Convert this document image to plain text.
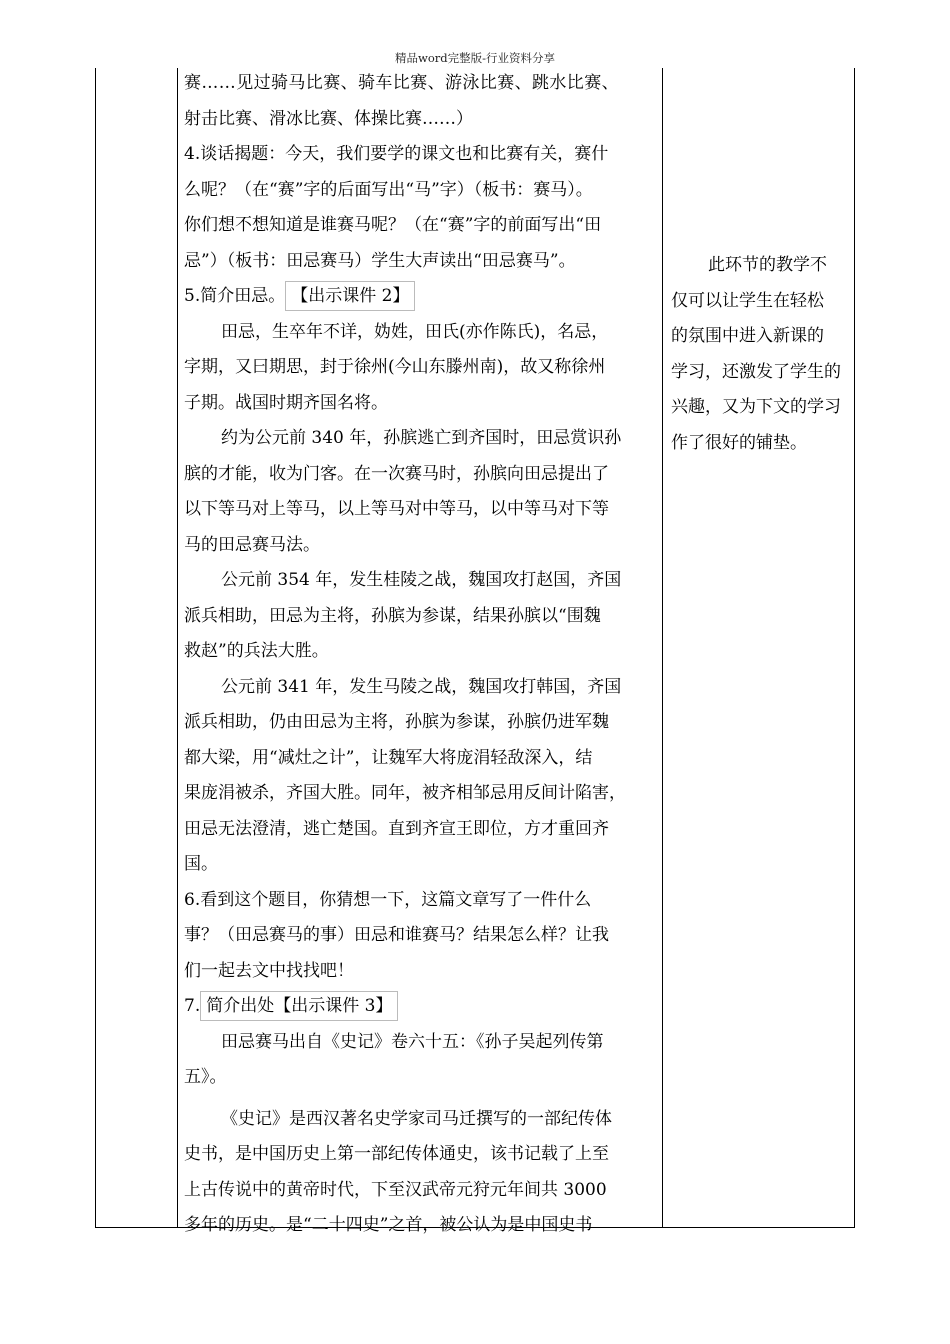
精品word完整版-行业资料分享
赛……见过骑马比赛、骑车比赛、游泳比赛、跳水比赛、
射击比赛、滑冰比赛、体操比赛……）
4.谈话揭题：今天，我们要学的课文也和比赛有关，赛什
么呢？（在“赛”字的后面写出“马”字）（板书：赛马）。
你们想不想知道是谁赛马呢？（在“赛”字的前面写出“田
忌”）（板书：田忌赛马）学生大声读出“田忌赛马”。
5.简介田忌。 【出示课件 2】
田忌，生卒年不详，妫姓，田氏(亦作陈氏)，名忌，
字期，又曰期思，封于徐州(今山东滕州南)，故又称徐州
子期。战国时期齐国名将。
约为公元前 340 年，孙膑逃亡到齐国时，田忌赏识孙
膑的才能，收为门客。在一次赛马时，孙膑向田忌提出了
以下等马对上等马，以上等马对中等马，以中等马对下等
马的田忌赛马法。
公元前 354 年，发生桂陵之战，魏国攻打赵国，齐国
派兵相助，田忌为主将，孙膑为参谋，结果孙膑以“围魏
救赵”的兵法大胜。
公元前 341 年，发生马陵之战，魏国攻打韩国，齐国
派兵相助，仍由田忌为主将，孙膑为参谋，孙膑仍进军魏
都大梁，用“减灶之计”，让魏军大将庞涓轻敌深入，结
果庞涓被杀，齐国大胜。同年，被齐相邹忌用反间计陷害，
田忌无法澄清，逃亡楚国。直到齐宣王即位，方才重回齐
国。
6.看到这个题目，你猜想一下，这篇文章写了一件什么
事？（田忌赛马的事）田忌和谁赛马？结果怎么样？让我
们一起去文中找找吧！
7. 简介出处【出示课件 3】
田忌赛马出自《史记》卷六十五：《孙子吴起列传第
五》。
《史记》是西汉著名史学家司马迁撰写的一部纪传体
史书，是中国历史上第一部纪传体通史，该书记载了上至
上古传说中的黄帝时代，下至汉武帝元狩元年间共 3000
多年的历史。是“二十四史”之首，被公认为是中国史书
此环节的教学不
仅可以让学生在轻松
的氛围中进入新课的
学习，还激发了学生的
兴趣，又为下文的学习
作了很好的铺垫。
